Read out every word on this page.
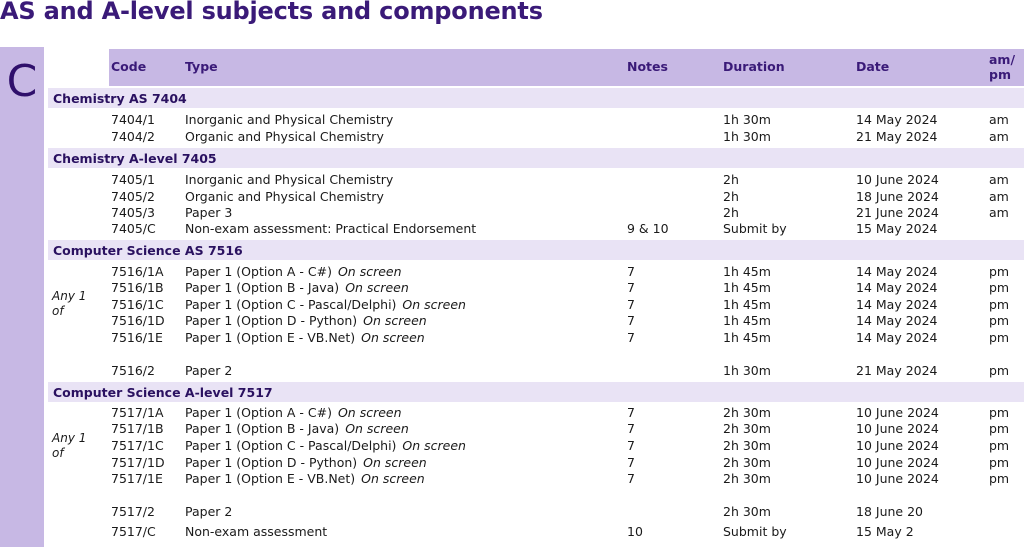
AS and A-level subjects and components
C	Code	Type	Notes	Duration	Date	am/
pm
Chemistry AS 7404
7404/1 Inorganic and Physical Chemistry	1h 30m	14 May 2024	am
7404/2 Organic and Physical Chemistry	1h 30m	21 May 2024	am
Chemistry A-level 7405
7405/1 Inorganic and Physical Chemistry	2h	10 June 2024	am
7405/2 Organic and Physical Chemistry	2h	18 June 2024	am
7405/3 Paper 3	2h	21 June 2024	am
7405/C Non-exam assessment: Practical Endorsement	9 & 10	Submit by	15 May 2024
Computer Science AS 7516
Any 1
of
7516/1A Paper 1 (Option A - C#) On screen	7	1h 45m	14 May 2024	pm
7516/1B Paper 1 (Option B - Java) On screen	7	1h 45m	14 May 2024	pm
7516/1C Paper 1 (Option C - Pascal/Delphi) On screen	7	1h 45m	14 May 2024	pm
7516/1D Paper 1 (Option D - Python) On screen	7	1h 45m	14 May 2024	pm
7516/1E Paper 1 (Option E - VB.Net) On screen	7	1h 45m	14 May 2024	pm
7516/2 Paper 2	1h 30m	21 May 2024	pm
Computer Science A-level 7517
Any 1
of
7517/1A Paper 1 (Option A - C#) On screen	7	2h 30m	10 June 2024	pm
7517/1B Paper 1 (Option B - Java) On screen	7	2h 30m	10 June 2024	pm
7517/1C Paper 1 (Option C - Pascal/Delphi) On screen	7	2h 30m	10 June 2024	pm
7517/1D Paper 1 (Option D - Python) On screen	7	2h 30m	10 June 2024	pm
7517/1E Paper 1 (Option E - VB.Net) On screen	7	2h 30m	10 June 2024	pm
7517/2 Paper 2	2h 30m	18 June 20
7517/C Non-exam assessment	10	Submit by	15 May 2
